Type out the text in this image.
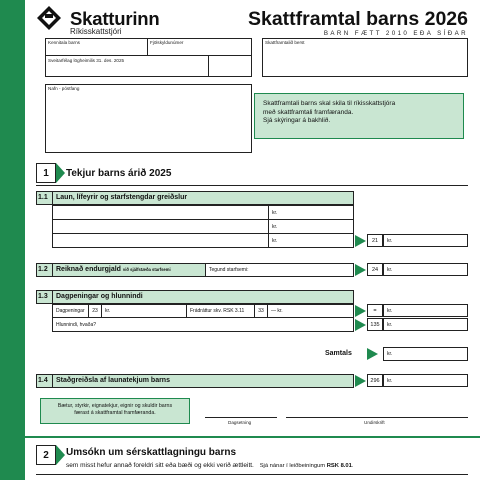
Skatturinn
Ríkisskattstjóri
Skattframtal barns 2026
BARN FÆTT 2010 EÐA SÍÐAR
Kennitala barns	Fjölskyldunúmer
Sveitarfélag lögheimilis 31. des. 2025
Skattframtalið berst
Nafn - póstfang
Skattframtali barns skal skila til ríkisskattstjóra
með skattframtali framfæranda.
Sjá skýringar á bakhlið.
1	Tekjur barns árið 2025
1.1 Laun, lífeyrir og starfstengdar greiðslur
kr.
kr.
kr.	21 kr.
1.2 Reiknað endurgjald við sjálfstæða starfsemi	Tegund starfsemi:	24 kr.
1.3 Dagpeningar og hlunnindi
Dagpeningar 23 kr.	Frádráttur skv. RSK 3.11	33 — kr.	= kr.
Hlunnindi, hvaða?	135 kr.
Samtals	kr.
1.4 Staðgreiðsla af launatekjum barns	296 kr.
Bætur, styrkir, eignatekjur, eignir og skuldir barns
færast á skattframtal framfæranda.
Dagsetning	Undirskrift
2	Umsókn um sérskattlagningu barns
sem misst hefur annað foreldri sitt eða bæði og ekki verið ættleitt. Sjá nánar í leiðbeiningum RSK 8.01.
